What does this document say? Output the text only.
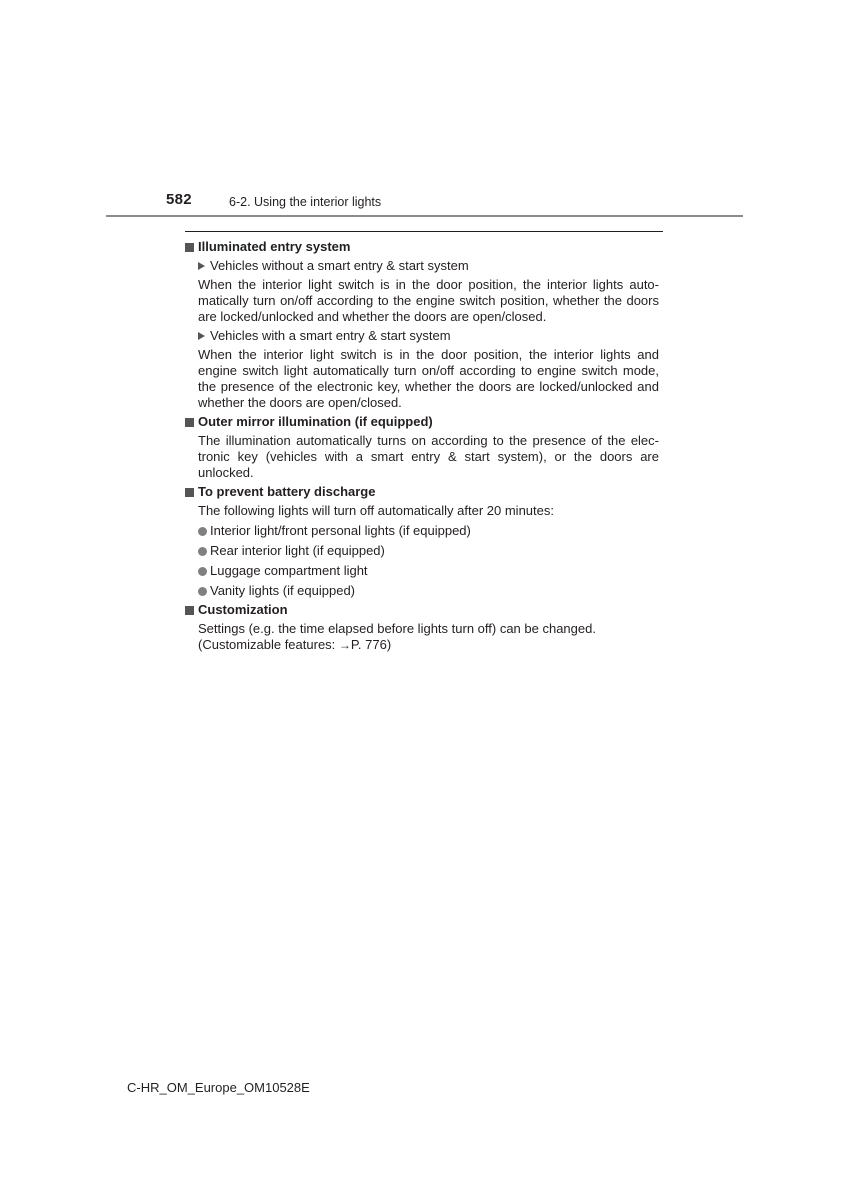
582	6-2. Using the interior lights
Illuminated entry system
Vehicles without a smart entry & start system
When the interior light switch is in the door position, the interior lights auto-matically turn on/off according to the engine switch position, whether the doors are locked/unlocked and whether the doors are open/closed.
Vehicles with a smart entry & start system
When the interior light switch is in the door position, the interior lights and engine switch light automatically turn on/off according to engine switch mode, the presence of the electronic key, whether the doors are locked/unlocked and whether the doors are open/closed.
Outer mirror illumination (if equipped)
The illumination automatically turns on according to the presence of the elec-tronic key (vehicles with a smart entry & start system), or the doors are unlocked.
To prevent battery discharge
The following lights will turn off automatically after 20 minutes:
Interior light/front personal lights (if equipped)
Rear interior light (if equipped)
Luggage compartment light
Vanity lights (if equipped)
Customization
Settings (e.g. the time elapsed before lights turn off) can be changed.
(Customizable features: →P. 776)
C-HR_OM_Europe_OM10528E
